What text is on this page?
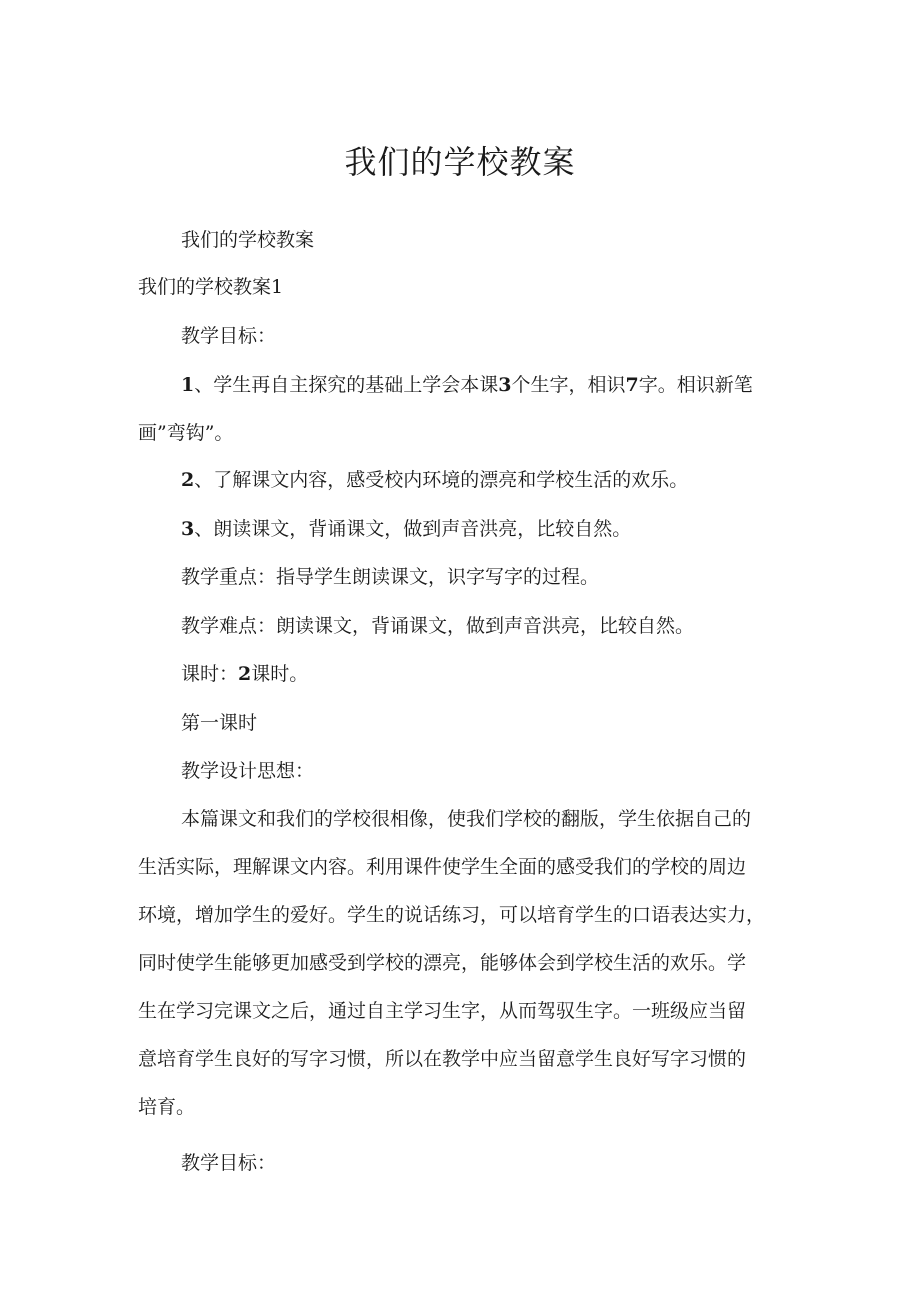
我们的学校教案
我们的学校教案
我们的学校教案1
教学目标：
1、学生再自主探究的基础上学会本课3个生字，相识7字。相识新笔
画”弯钩”。
2、了解课文内容，感受校内环境的漂亮和学校生活的欢乐。
3、朗读课文，背诵课文，做到声音洪亮，比较自然。
教学重点：指导学生朗读课文，识字写字的过程。
教学难点：朗读课文，背诵课文，做到声音洪亮，比较自然。
课时：2课时。
第一课时
教学设计思想：
本篇课文和我们的学校很相像，使我们学校的翻版，学生依据自己的
生活实际，理解课文内容。利用课件使学生全面的感受我们的学校的周边
环境，增加学生的爱好。学生的说话练习，可以培育学生的口语表达实力，
同时使学生能够更加感受到学校的漂亮，能够体会到学校生活的欢乐。学
生在学习完课文之后，通过自主学习生字，从而驾驭生字。一班级应当留
意培育学生良好的写字习惯，所以在教学中应当留意学生良好写字习惯的
培育。
教学目标：
